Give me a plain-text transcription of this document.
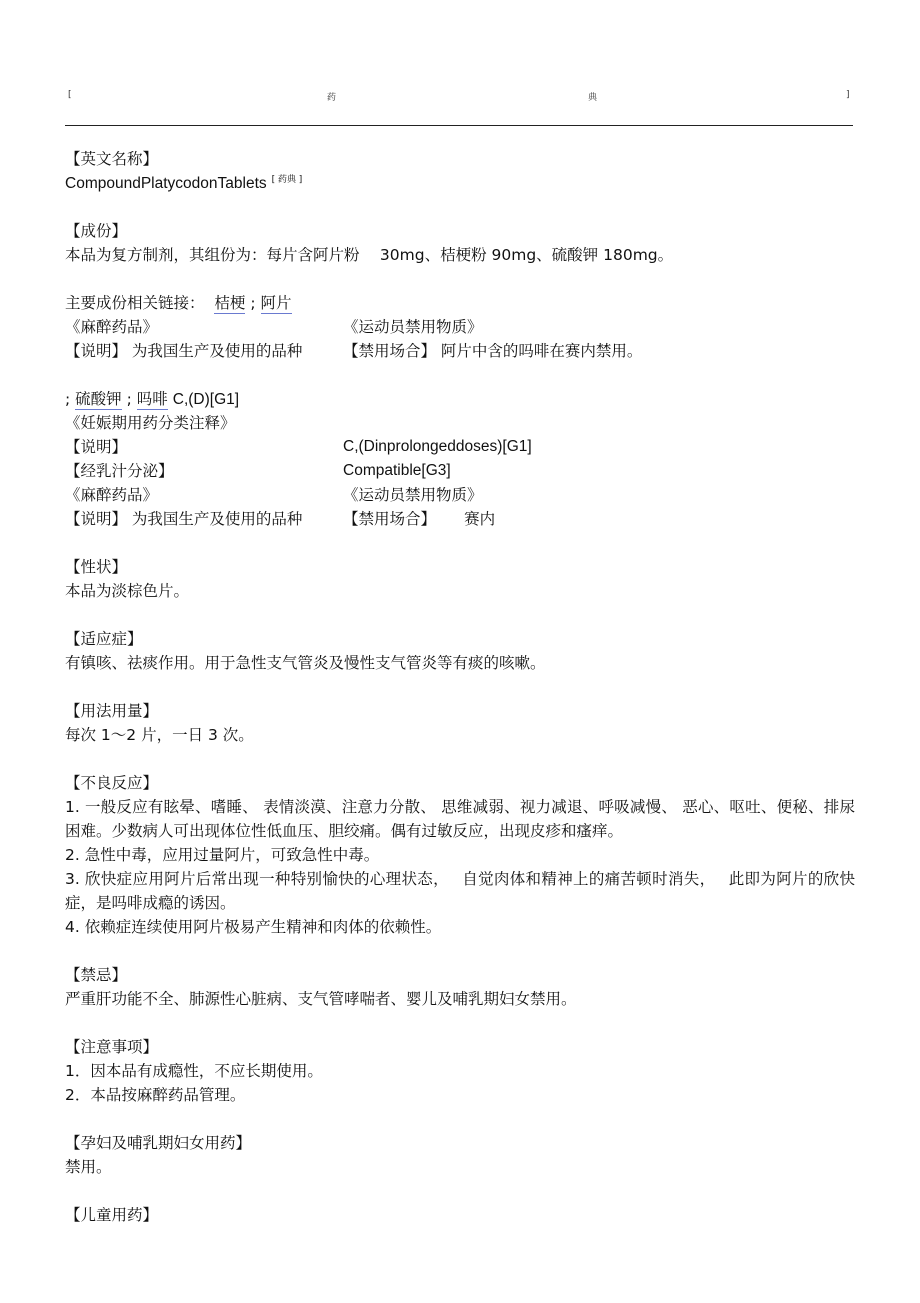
[	药	典	]
【英文名称】
CompoundPlatycodonTablets [ 药典 ]
【成份】
本品为复方制剂，其组份为：每片含阿片粉　 30mg、桔梗粉 90mg、硫酸钾 180mg。
主要成份相关链接： 桔梗 ; 阿片
《麻醉药品》	《运动员禁用物质》
【说明】 为我国生产及使用的品种	【禁用场合】 阿片中含的吗啡在赛内禁用。
; 硫酸钾 ; 吗啡 C,(D)[G1]
《妊娠期用药分类注释》
【说明】	C,(Dinprolongeddoses)[G1]
【经乳汁分泌】	Compatible[G3]
《麻醉药品》	《运动员禁用物质》
【说明】 为我国生产及使用的品种	【禁用场合】　　 赛内
【性状】
本品为淡棕色片。
【适应症】
有镇咳、祛痰作用。用于急性支气管炎及慢性支气管炎等有痰的咳嗽。
【用法用量】
每次 1～2 片，一日 3 次。
【不良反应】
1. 一般反应有眩晕、嗜睡、 表情淡漠、注意力分散、 思维减弱、视力减退、呼吸减慢、 恶心、呕吐、便秘、排尿困难。少数病人可出现体位性低血压、胆绞痛。偶有过敏反应，出现皮疹和瘙痒。
2. 急性中毒，应用过量阿片，可致急性中毒。
3. 欣快症应用阿片后常出现一种特别愉快的心理状态，　 自觉肉体和精神上的痛苦顿时消失，　 此即为阿片的欣快症，是吗啡成瘾的诱因。
4. 依赖症连续使用阿片极易产生精神和肉体的依赖性。
【禁忌】
严重肝功能不全、肺源性心脏病、支气管哮喘者、婴儿及哺乳期妇女禁用。
【注意事项】
1．因本品有成瘾性，不应长期使用。
2．本品按麻醉药品管理。
【孕妇及哺乳期妇女用药】
禁用。
【儿童用药】
